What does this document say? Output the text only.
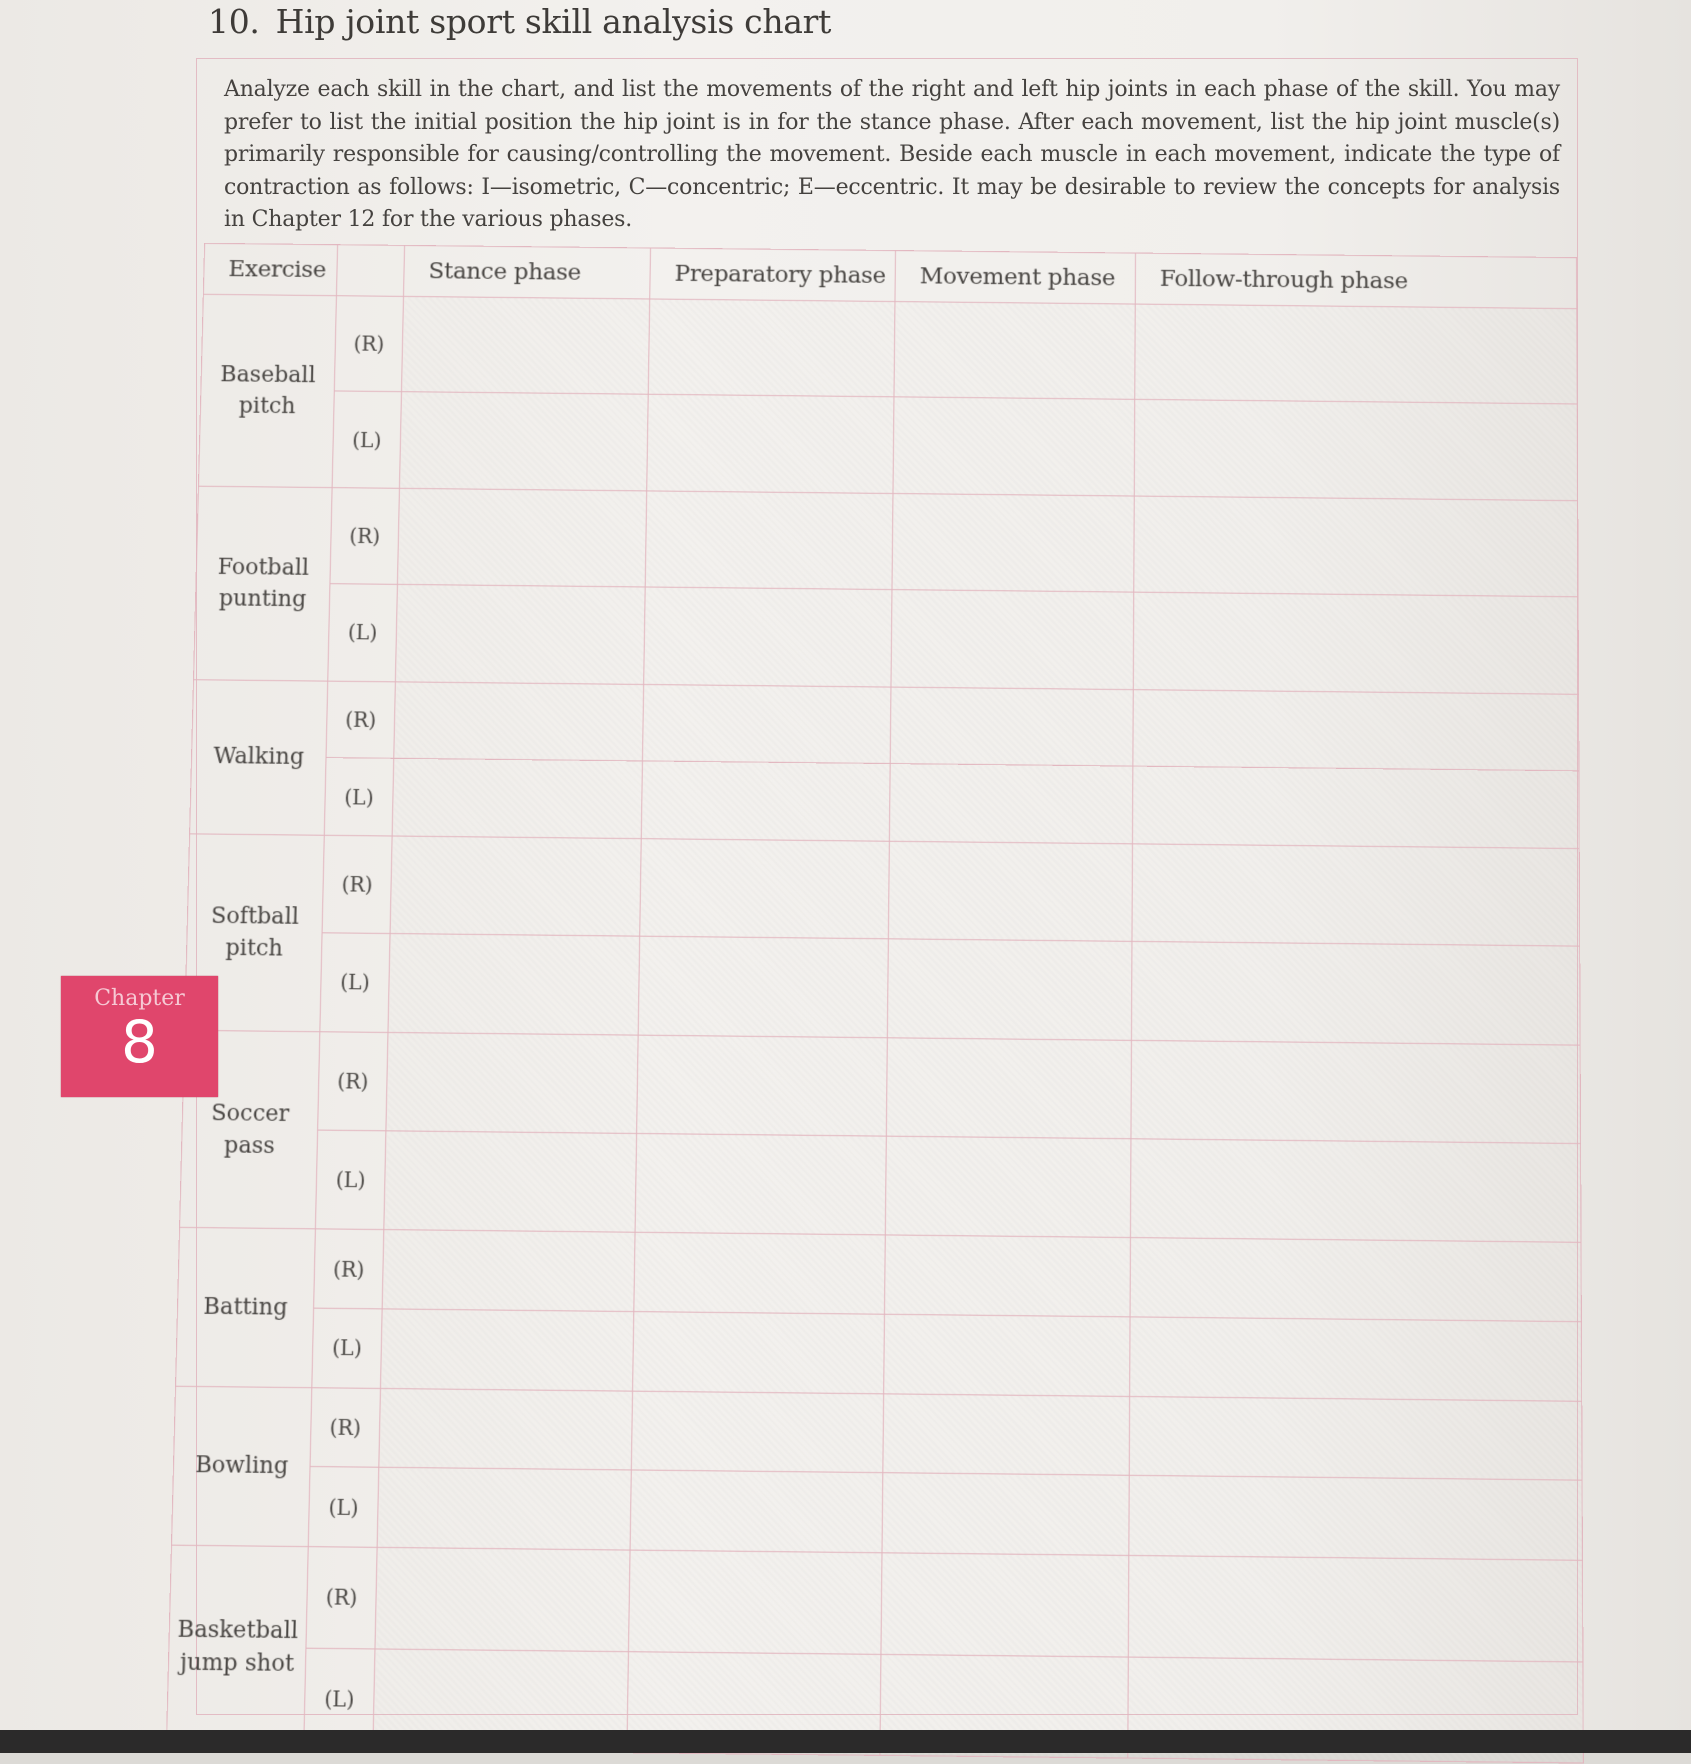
10. Hip joint sport skill analysis chart
Analyze each skill in the chart, and list the movements of the right and left hip joints in each phase of the skill. You may prefer to list the initial position the hip joint is in for the stance phase. After each movement, list the hip joint muscle(s) primarily responsible for causing/controlling the movement. Beside each muscle in each movement, indicate the type of contraction as follows: I—isometric, C—concentric; E—eccentric. It may be desirable to review the concepts for analysis in Chapter 12 for the various phases.
Exercise		Stance phase	Preparatory phase	Movement phase	Follow-through phase

Baseball
pitch	(R)				
	(L)				

Football
punting	(R)				
	(L)				

Walking	(R)				
	(L)				

Softball
pitch	(R)				
	(L)				

Soccer pass	(R)				
	(L)				

Batting	(R)				
	(L)				

Bowling	(R)				
	(L)				

Basketball
jump shot	(R)				
	(L)				
Chapter
8
